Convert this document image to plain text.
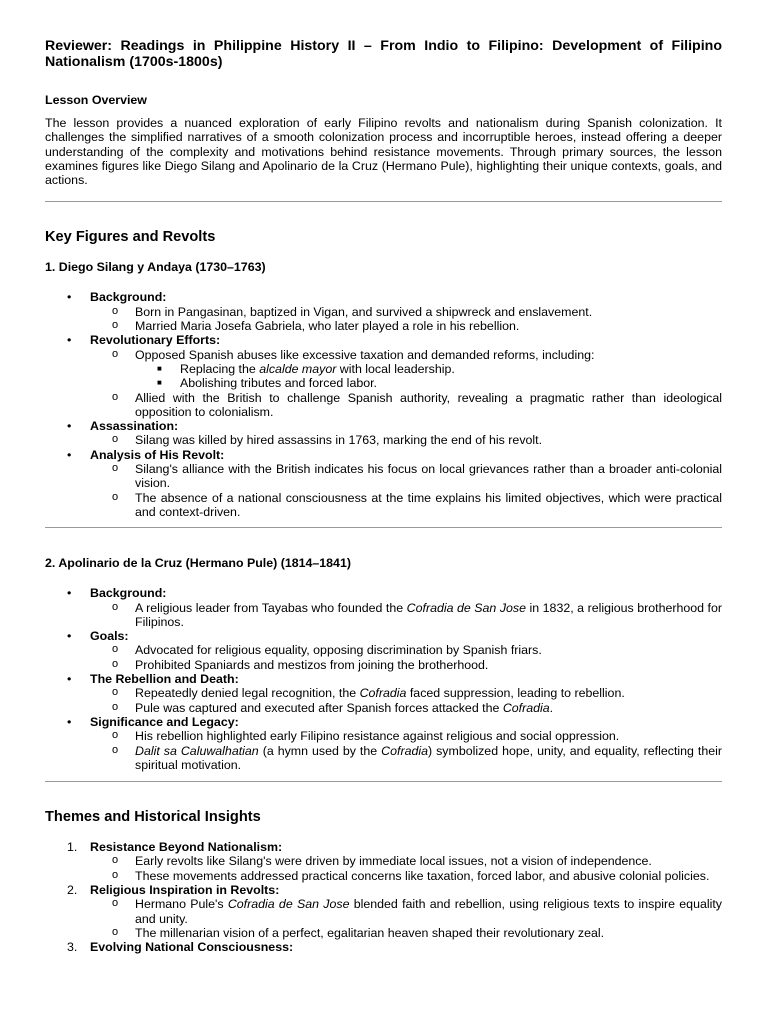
Reviewer: Readings in Philippine History II – From Indio to Filipino: Development of Filipino Nationalism (1700s-1800s)
Lesson Overview

The lesson provides a nuanced exploration of early Filipino revolts and nationalism during Spanish colonization. It challenges the simplified narratives of a smooth colonization process and incorruptible heroes, instead offering a deeper understanding of the complexity and motivations behind resistance movements. Through primary sources, the lesson examines figures like Diego Silang and Apolinario de la Cruz (Hermano Pule), highlighting their unique contexts, goals, and actions.

Key Figures and Revolts
1. Diego Silang y Andaya (1730–1763)
• Background:
o Born in Pangasinan, baptized in Vigan, and survived a shipwreck and enslavement.
o Married Maria Josefa Gabriela, who later played a role in his rebellion.
• Revolutionary Efforts:
o Opposed Spanish abuses like excessive taxation and demanded reforms, including:
■ Replacing the alcalde mayor with local leadership.
■ Abolishing tributes and forced labor.
o Allied with the British to challenge Spanish authority, revealing a pragmatic rather than ideological opposition to colonialism.
• Assassination:
o Silang was killed by hired assassins in 1763, marking the end of his revolt.
• Analysis of His Revolt:
o Silang's alliance with the British indicates his focus on local grievances rather than a broader anti-colonial vision.
o The absence of a national consciousness at the time explains his limited objectives, which were practical and context-driven.
2. Apolinario de la Cruz (Hermano Pule) (1814–1841)
• Background:
o A religious leader from Tayabas who founded the Cofradia de San Jose in 1832, a religious brotherhood for Filipinos.
• Goals:
o Advocated for religious equality, opposing discrimination by Spanish friars.
o Prohibited Spaniards and mestizos from joining the brotherhood.
• The Rebellion and Death:
o Repeatedly denied legal recognition, the Cofradia faced suppression, leading to rebellion.
o Pule was captured and executed after Spanish forces attacked the Cofradia.
• Significance and Legacy:
o His rebellion highlighted early Filipino resistance against religious and social oppression.
o Dalit sa Caluwalhatian (a hymn used by the Cofradia) symbolized hope, unity, and equality, reflecting their spiritual motivation.
Themes and Historical Insights
1. Resistance Beyond Nationalism:
o Early revolts like Silang's were driven by immediate local issues, not a vision of independence.
o These movements addressed practical concerns like taxation, forced labor, and abusive colonial policies.
2. Religious Inspiration in Revolts:
o Hermano Pule's Cofradia de San Jose blended faith and rebellion, using religious texts to inspire equality and unity.
o The millenarian vision of a perfect, egalitarian heaven shaped their revolutionary zeal.
3. Evolving National Consciousness:
